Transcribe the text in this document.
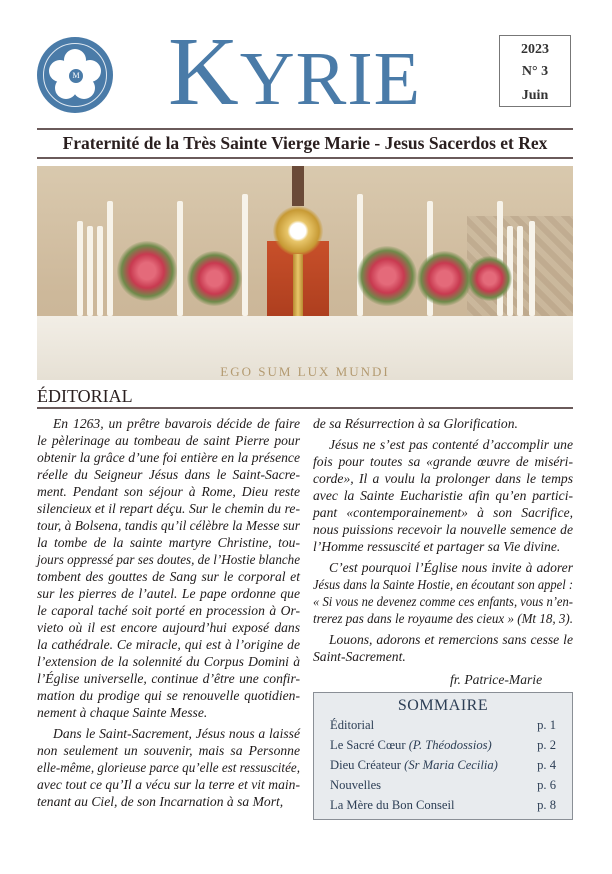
M KYRIE	2023
N° 3
Juin
Fraternité de la Très Sainte Vierge Marie - Jesus Sacerdos et Rex
EGO SUM LUX MUNDI
ÉDITORIAL
En 1263, un prêtre bavarois décide de faire
le pèlerinage au tombeau de saint Pierre pour
obtenir la grâce d’une foi entière en la présence
réelle du Seigneur Jésus dans le Saint-Sacre-
ment. Pendant son séjour à Rome, Dieu reste
silencieux et il repart déçu. Sur le chemin du re-
tour, à Bolsena, tandis qu’il célèbre la Messe sur
la tombe de la sainte martyre Christine, tou-
jours oppressé par ses doutes, de l’Hostie blanche
tombent des gouttes de Sang sur le corporal et
sur les pierres de l’autel. Le pape ordonne que
le caporal taché soit porté en procession à Or-
vieto où il est encore aujourd’hui exposé dans
la cathédrale. Ce miracle, qui est à l’origine de
l’extension de la solennité du Corpus Domini à
l’Église universelle, continue d’être une confir-
mation du prodige qui se renouvelle quotidien-
nement à chaque Sainte Messe.
Dans le Saint-Sacrement, Jésus nous a laissé
non seulement un souvenir, mais sa Personne
elle-même, glorieuse parce qu’elle est ressuscitée,
avec tout ce qu’Il a vécu sur la terre et vit main-
tenant au Ciel, de son Incarnation à sa Mort,
de sa Résurrection à sa Glorification.
Jésus ne s’est pas contenté d’accomplir une
fois pour toutes sa «grande œuvre de miséri-
corde», Il a voulu la prolonger dans le temps
avec la Sainte Eucharistie afin qu’en partici-
pant «contemporainement» à son Sacrifice,
nous puissions recevoir la nouvelle semence de
l’Homme ressuscité et partager sa Vie divine.
C’est pourquoi l’Église nous invite à adorer
Jésus dans la Sainte Hostie, en écoutant son appel :
« Si vous ne devenez comme ces enfants, vous n’en-
trerez pas dans le royaume des cieux » (Mt 18, 3).
Louons, adorons et remercions sans cesse le
Saint-Sacrement.
fr. Patrice-Marie
SOMMAIRE
Éditorial	p. 1
Le Sacré Cœur (P. Théodossios)	p. 2
Dieu Créateur (Sr Maria Cecilia)	p. 4
Nouvelles	p. 6
La Mère du Bon Conseil	p. 8
